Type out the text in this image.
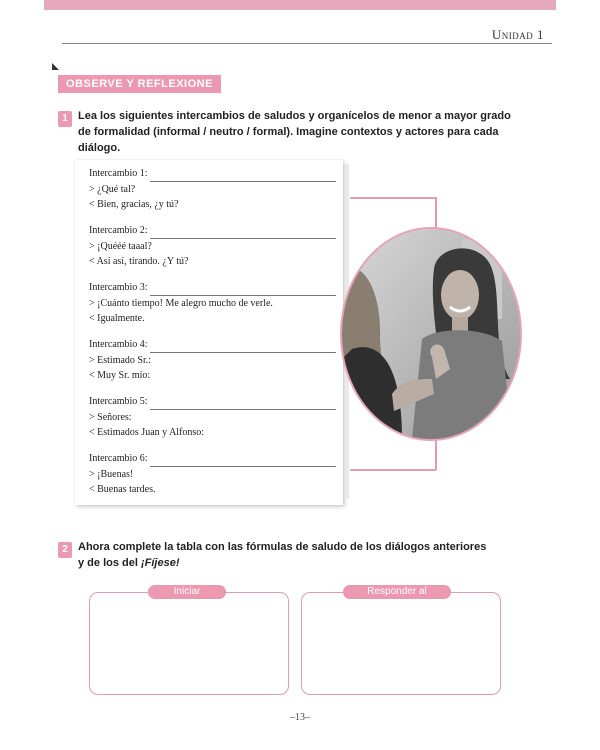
Unidad 1
OBSERVE Y REFLEXIONE
1 Lea los siguientes intercambios de saludos y organícelos de menor a mayor grado de formalidad (informal / neutro / formal). Imagine contextos y actores para cada diálogo.
Intercambio 1:
> ¿Qué tal?
< Bien, gracias, ¿y tú?
Intercambio 2:
> ¡Quééé taaal?
< Así así, tirando. ¿Y tú?
Intercambio 3:
> ¡Cuánto tiempo! Me alegro mucho de verle.
< Igualmente.
Intercambio 4:
> Estimado Sr.:
< Muy Sr. mío:
Intercambio 5:
> Señores:
< Estimados Juan y Alfonso:
Intercambio 6:
> ¡Buenas!
< Buenas tardes.
2 Ahora complete la tabla con las fórmulas de saludo de los diálogos anteriores
y de los del ¡Fíjese!
Iniciar saludo
Responder al saludo
–13–
